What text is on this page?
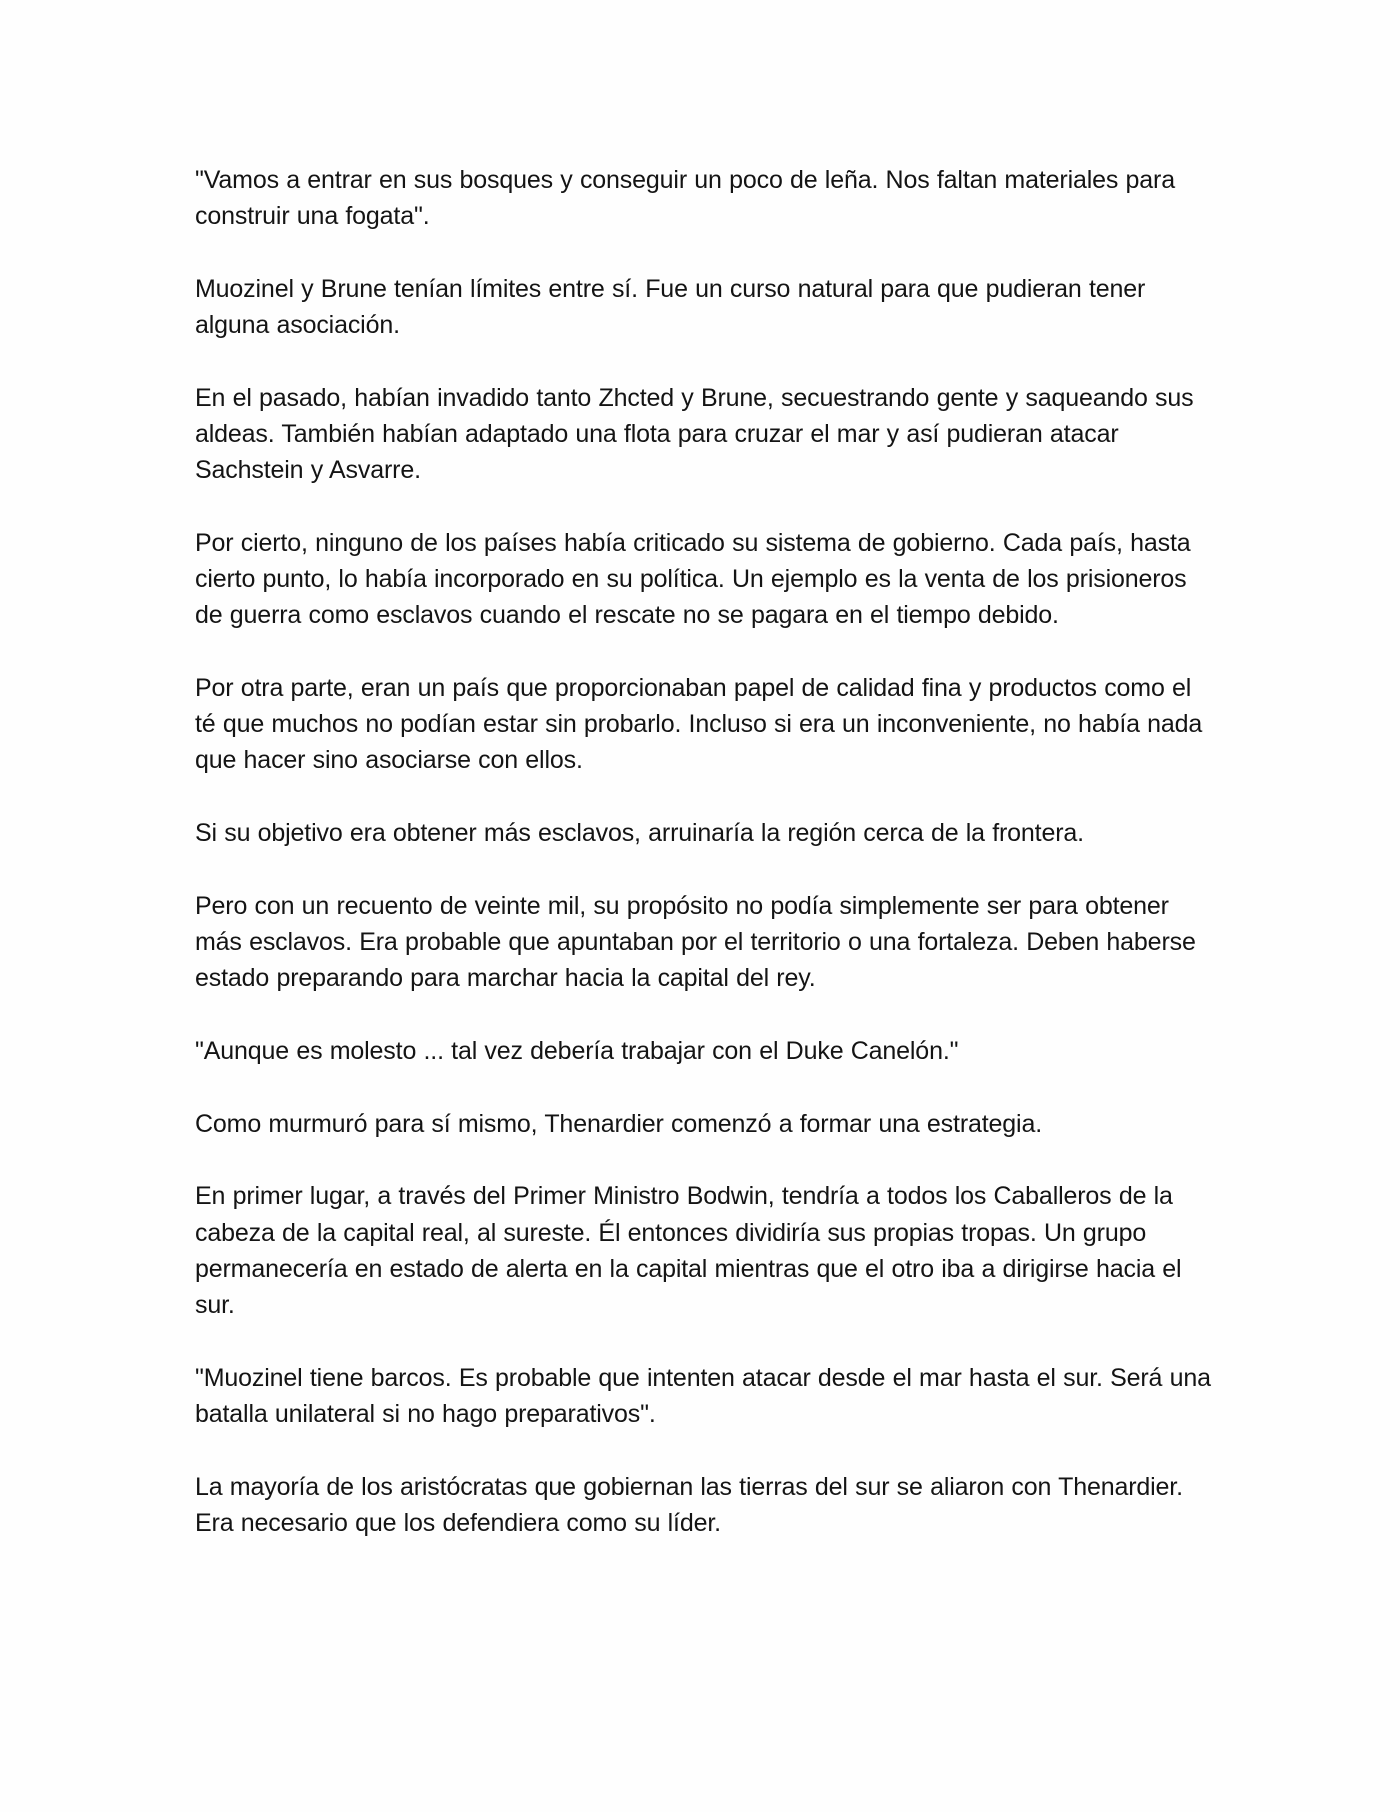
"Vamos a entrar en sus bosques y conseguir un poco de leña. Nos faltan materiales para construir una fogata".

Muozinel y Brune tenían límites entre sí. Fue un curso natural para que pudieran tener alguna asociación.

En el pasado, habían invadido tanto Zhcted y Brune, secuestrando gente y saqueando sus aldeas. También habían adaptado una flota para cruzar el mar y así pudieran atacar Sachstein y Asvarre.

Por cierto, ninguno de los países había criticado su sistema de gobierno. Cada país, hasta cierto punto, lo había incorporado en su política. Un ejemplo es la venta de los prisioneros de guerra como esclavos cuando el rescate no se pagara en el tiempo debido.

Por otra parte, eran un país que proporcionaban papel de calidad fina y productos como el té que muchos no podían estar sin probarlo. Incluso si era un inconveniente, no había nada que hacer sino asociarse con ellos.

Si su objetivo era obtener más esclavos, arruinaría la región cerca de la frontera.

Pero con un recuento de veinte mil, su propósito no podía simplemente ser para obtener más esclavos. Era probable que apuntaban por el territorio o una fortaleza. Deben haberse estado preparando para marchar hacia la capital del rey.

"Aunque es molesto ... tal vez debería trabajar con el Duke Canelón."

Como murmuró para sí mismo, Thenardier comenzó a formar una estrategia.

En primer lugar, a través del Primer Ministro Bodwin, tendría a todos los Caballeros de la cabeza de la capital real, al sureste. Él entonces dividiría sus propias tropas. Un grupo permanecería en estado de alerta en la capital mientras que el otro iba a dirigirse hacia el sur.

"Muozinel tiene barcos. Es probable que intenten atacar desde el mar hasta el sur. Será una batalla unilateral si no hago preparativos".

La mayoría de los aristócratas que gobiernan las tierras del sur se aliaron con Thenardier. Era necesario que los defendiera como su líder.
